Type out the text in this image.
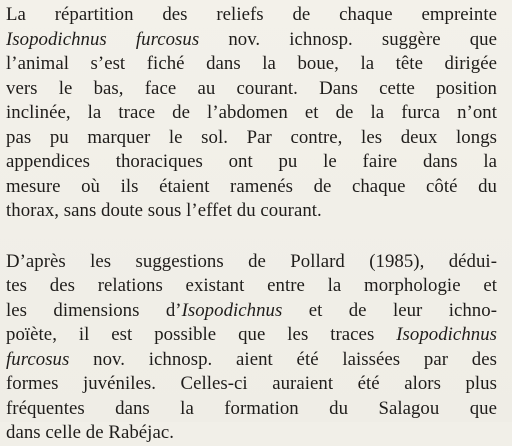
La répartition des reliefs de chaque empreinte
Isopodichnus furcosus nov. ichnosp. suggère que
l’animal s’est fiché dans la boue, la tête dirigée
vers le bas, face au courant. Dans cette position
inclinée, la trace de l’abdomen et de la furca n’ont
pas pu marquer le sol. Par contre, les deux longs
appendices thoraciques ont pu le faire dans la
mesure où ils étaient ramenés de chaque côté du
thorax, sans doute sous l’effet du courant.
D’après les suggestions de Pollard (1985), dédui-
tes des relations existant entre la morphologie et
les dimensions d’Isopodichnus et de leur ichno-
poïète, il est possible que les traces Isopodichnus
furcosus nov. ichnosp. aient été laissées par des
formes juvéniles. Celles-ci auraient été alors plus
fréquentes dans la formation du Salagou que
dans celle de Rabéjac.
